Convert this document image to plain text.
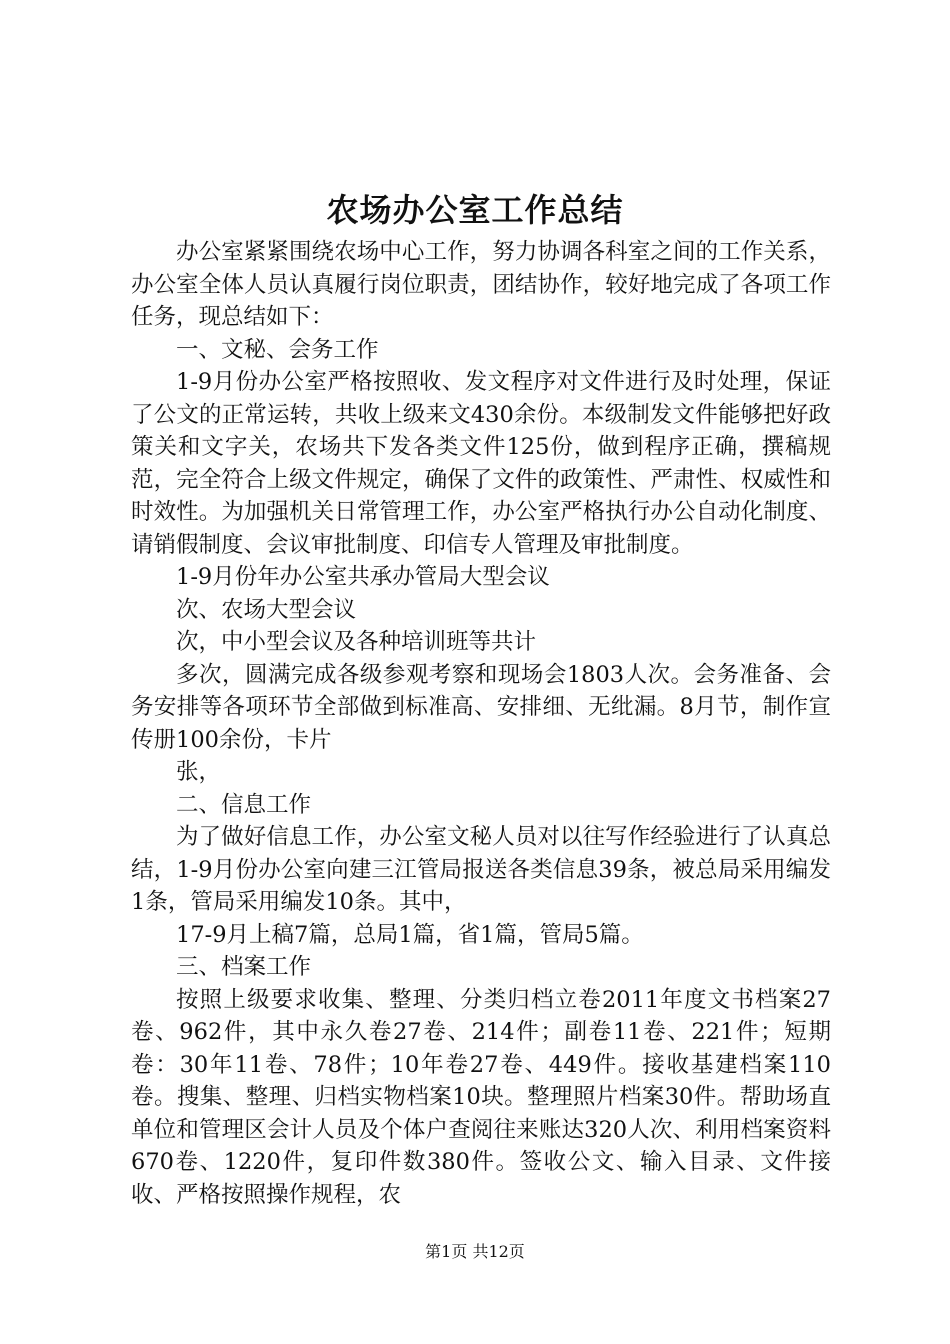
农场办公室工作总结

办公室紧紧围绕农场中心工作，努力协调各科室之间的工作关系，办公室全体人员认真履行岗位职责，团结协作，较好地完成了各项工作任务，现总结如下：

一、文秘、会务工作

1-9月份办公室严格按照收、发文程序对文件进行及时处理，保证了公文的正常运转，共收上级来文430余份。本级制发文件能够把好政策关和文字关，农场共下发各类文件125份，做到程序正确，撰稿规范，完全符合上级文件规定，确保了文件的政策性、严肃性、权威性和时效性。为加强机关日常管理工作，办公室严格执行办公自动化制度、请销假制度、会议审批制度、印信专人管理及审批制度。

1-9月份年办公室共承办管局大型会议

次、农场大型会议

次，中小型会议及各种培训班等共计

多次，圆满完成各级参观考察和现场会1803人次。会务准备、会务安排等各项环节全部做到标准高、安排细、无纰漏。8月节，制作宣传册100余份，卡片

张，

二、信息工作

为了做好信息工作，办公室文秘人员对以往写作经验进行了认真总结，1-9月份办公室向建三江管局报送各类信息39条，被总局采用编发1条，管局采用编发10条。其中，

17-9月上稿7篇，总局1篇，省1篇，管局5篇。

三、档案工作

按照上级要求收集、整理、分类归档立卷2011年度文书档案27卷、962件，其中永久卷27卷、214件；副卷11卷、221件；短期卷：30年11卷、78件；10年卷27卷、449件。接收基建档案110卷。搜集、整理、归档实物档案10块。整理照片档案30件。帮助场直单位和管理区会计人员及个体户查阅往来账达320人次、利用档案资料670卷、1220件，复印件数380件。签收公文、输入目录、文件接收、严格按照操作规程，农

第1页 共12页
